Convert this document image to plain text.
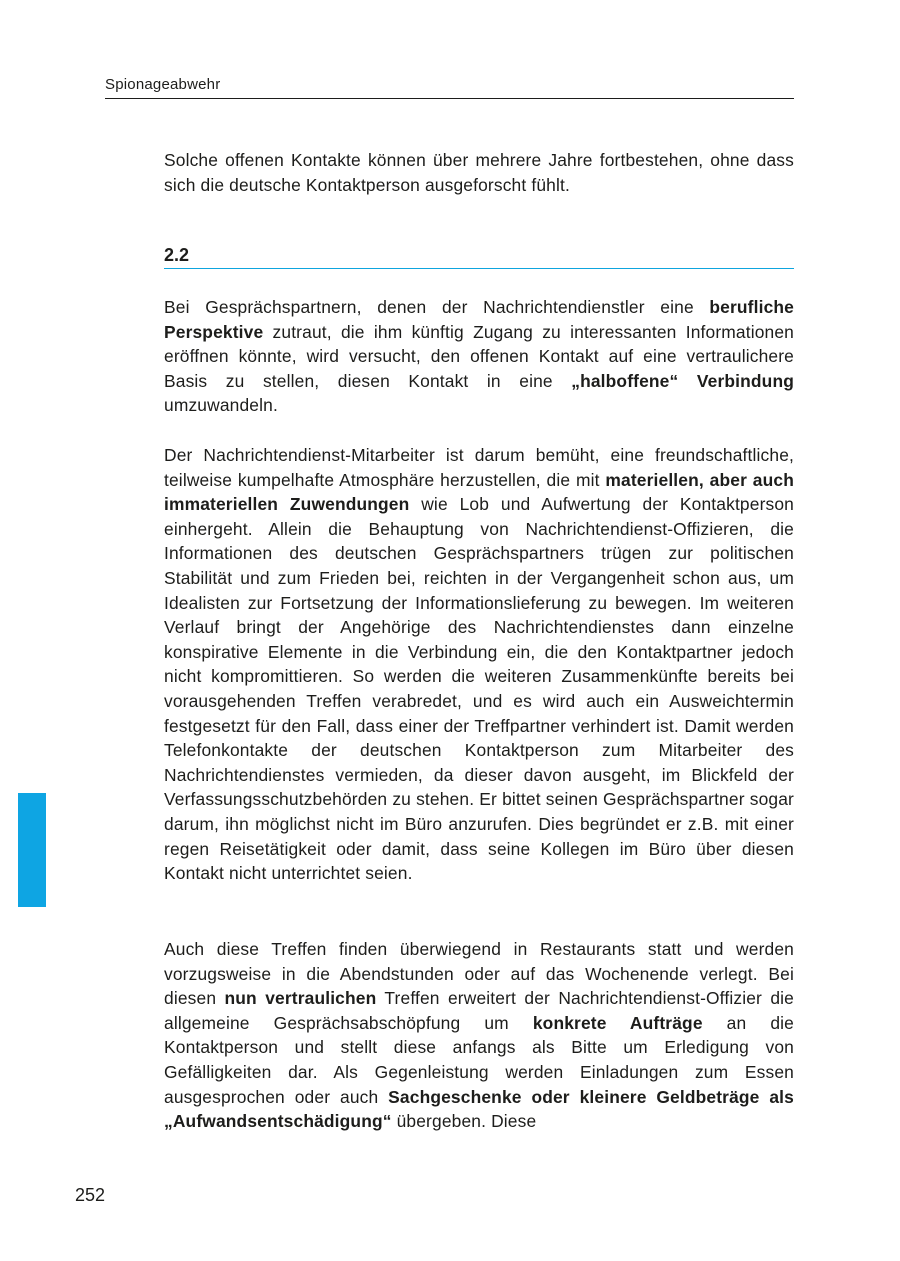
Spionageabwehr

Solche offenen Kontakte können über mehrere Jahre fortbestehen, ohne dass sich die deutsche Kontaktperson ausgeforscht fühlt.

2.2

Bei Gesprächspartnern, denen der Nachrichtendienstler eine berufliche Perspektive zutraut, die ihm künftig Zugang zu interessanten Informationen eröffnen könnte, wird versucht, den offenen Kontakt auf eine vertraulichere Basis zu stellen, diesen Kontakt in eine „halboffene“ Verbindung umzuwandeln.

Der Nachrichtendienst-Mitarbeiter ist darum bemüht, eine freundschaftliche, teilweise kumpelhafte Atmosphäre herzustellen, die mit materiellen, aber auch immateriellen Zuwendungen wie Lob und Aufwertung der Kontaktperson einhergeht. Allein die Behauptung von Nachrichtendienst-Offizieren, die Informationen des deutschen Gesprächspartners trügen zur politischen Stabilität und zum Frieden bei, reichten in der Vergangenheit schon aus, um Idealisten zur Fortsetzung der Informationslieferung zu bewegen. Im weiteren Verlauf bringt der Angehörige des Nachrichtendienstes dann einzelne konspirative Elemente in die Verbindung ein, die den Kontaktpartner jedoch nicht kompromittieren. So werden die weiteren Zusammenkünfte bereits bei vorausgehenden Treffen verabredet, und es wird auch ein Ausweichtermin festgesetzt für den Fall, dass einer der Treffpartner verhindert ist. Damit werden Telefonkontakte der deutschen Kontaktperson zum Mitarbeiter des Nachrichtendienstes vermieden, da dieser davon ausgeht, im Blickfeld der Verfassungsschutzbehörden zu stehen. Er bittet seinen Gesprächspartner sogar darum, ihn möglichst nicht im Büro anzurufen. Dies begründet er z.B. mit einer regen Reisetätigkeit oder damit, dass seine Kollegen im Büro über diesen Kontakt nicht unterrichtet seien.

Auch diese Treffen finden überwiegend in Restaurants statt und werden vorzugsweise in die Abendstunden oder auf das Wochenende verlegt. Bei diesen nun vertraulichen Treffen erweitert der Nachrichtendienst-Offizier die allgemeine Gesprächsabschöpfung um konkrete Aufträge an die Kontaktperson und stellt diese anfangs als Bitte um Erledigung von Gefälligkeiten dar. Als Gegenleistung werden Einladungen zum Essen ausgesprochen oder auch Sachgeschenke oder kleinere Geldbeträge als „Aufwandsentschädigung“ übergeben. Diese

252
